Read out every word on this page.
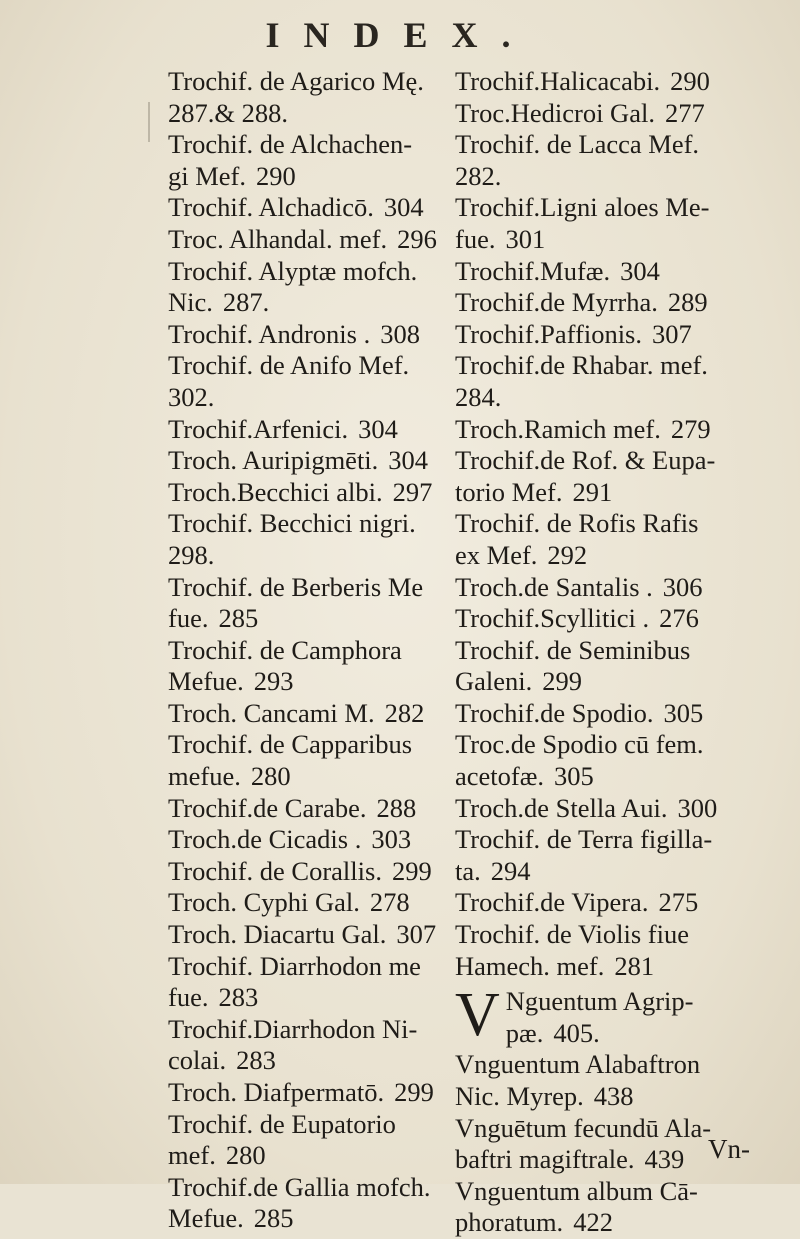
INDEX.
Trochif. de Agarico Mę.
287.& 288.
Trochif. de Alchachen-
gi Mef. 290
Trochif. Alchadicō. 304
Troc. Alhandal. mef. 296
Trochif. Alyptæ mofch.
Nic. 287.
Trochif. Andronis . 308
Trochif. de Anifo Mef.
302.
Trochif.Arfenici. 304
Troch. Auripigmēti. 304
Troch.Becchici albi. 297
Trochif. Becchici nigri.
298.
Trochif. de Berberis Me
fue. 285
Trochif. de Camphora
Mefue. 293
Troch. Cancami M. 282
Trochif. de Capparibus
mefue. 280
Trochif.de Carabe. 288
Troch.de Cicadis . 303
Trochif. de Corallis. 299
Troch. Cyphi Gal. 278
Troch. Diacartu Gal. 307
Trochif. Diarrhodon me
fue. 283
Trochif.Diarrhodon Ni-
colai. 283
Troch. Diafpermatō. 299
Trochif. de Eupatorio
mef. 280
Trochif.de Gallia mofch.
Mefue. 285
Trochif.Halicacabi. 290
Troc.Hedicroi Gal. 277
Trochif. de Lacca Mef.
282.
Trochif.Ligni aloes Me-
fue. 301
Trochif.Mufæ. 304
Trochif.de Myrrha. 289
Trochif.Paffionis. 307
Trochif.de Rhabar. mef.
284.
Troch.Ramich mef. 279
Trochif.de Rof. & Eupa-
torio Mef. 291
Trochif. de Rofis Rafis
ex Mef. 292
Troch.de Santalis . 306
Trochif.Scyllitici . 276
Trochif. de Seminibus
Galeni. 299
Trochif.de Spodio. 305
Troc.de Spodio cū fem.
acetofæ. 305
Troch.de Stella Aui. 300
Trochif. de Terra figilla-
ta. 294
Trochif.de Vipera. 275
Trochif. de Violis fiue
Hamech. mef. 281
V Nguentum Agrip-
pæ. 405.
Vnguentum Alabaftron
Nic. Myrep. 438
Vnguētum fecundū Ala-
baftri magiftrale. 439
Vnguentum album Cā-
phoratum. 422
Vn-
